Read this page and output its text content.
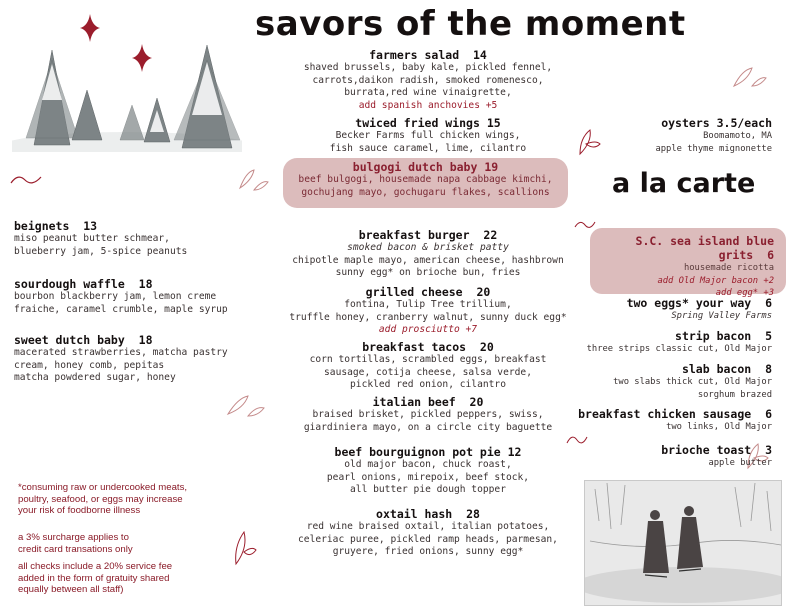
savors of the moment
a la carte
farmers salad 14
shaved brussels, baby kale, pickled fennel,
carrots,daikon radish, smoked romenesco,
burrata,red wine vinaigrette,
add spanish anchovies +5
twiced fried wings 15
Becker Farms full chicken wings,
fish sauce caramel, lime, cilantro
bulgogi dutch baby 19
beef bulgogi, housemade napa cabbage kimchi,
gochujang mayo, gochugaru flakes, scallions
breakfast burger 22
smoked bacon & brisket patty
chipotle maple mayo, american cheese, hashbrown
sunny egg* on brioche bun, fries
grilled cheese 20
fontina, Tulip Tree trillium,
truffle honey, cranberry walnut, sunny duck egg*
add prosciutto +7
breakfast tacos 20
corn tortillas, scrambled eggs, breakfast
sausage, cotija cheese, salsa verde,
pickled red onion, cilantro
italian beef 20
braised brisket, pickled peppers, swiss,
giardiniera mayo, on a circle city baguette
beef bourguignon pot pie 12
old major bacon, chuck roast,
pearl onions, mirepoix, beef stock,
all butter pie dough topper
oxtail hash 28
red wine braised oxtail, italian potatoes,
celeriac puree, pickled ramp heads, parmesan,
gruyere, fried onions, sunny egg*
beignets 13
miso peanut butter schmear,
blueberry jam, 5-spice peanuts
sourdough waffle 18
bourbon blackberry jam, lemon creme
fraiche, caramel crumble, maple syrup
sweet dutch baby 18
macerated strawberries, matcha pastry
cream, honey comb, pepitas
matcha powdered sugar, honey
oysters 3.5/each
Boomamoto, MA
apple thyme mignonette
S.C. sea island blue grits 6
housemade ricotta
add Old Major bacon +2
add egg* +3
two eggs* your way 6
Spring Valley Farms
strip bacon 5
three strips classic cut, Old Major
slab bacon 8
two slabs thick cut, Old Major
sorghum brazed
breakfast chicken sausage 6
two links, Old Major
brioche toast 3
apple butter
*consuming raw or undercooked meats,
poultry, seafood, or eggs may increase
your risk of foodborne illness
a 3% surcharge applies to
credit card transations only
all checks include a 20% service fee
added in the form of gratuity shared
equally between all staff)
